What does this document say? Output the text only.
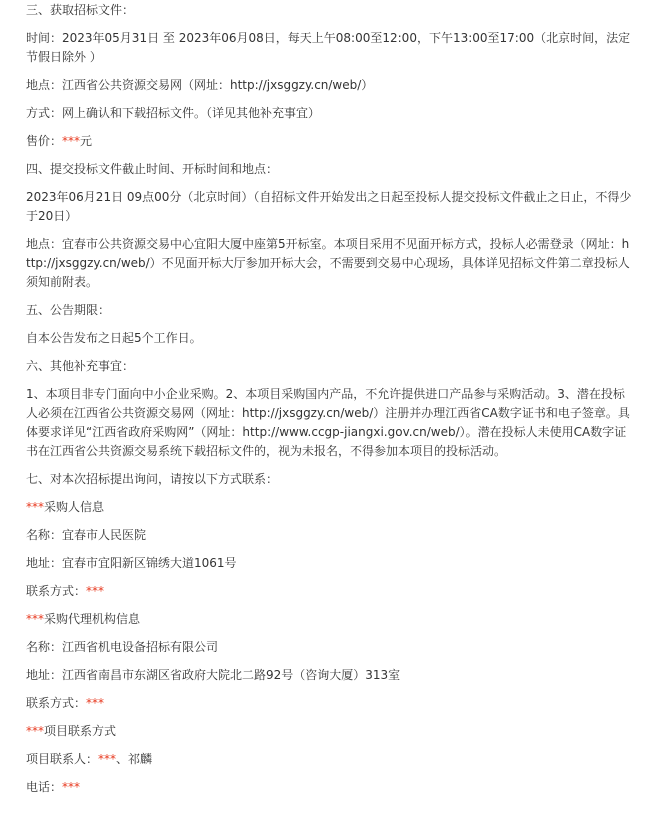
三、获取招标文件：

时间：2023年05月31日 至 2023年06月08日，每天上午08:00至12:00，下午13:00至17:00（北京时间，法定节假日除外 ）

地点：江西省公共资源交易网（网址：http://jxsggzy.cn/web/）

方式：网上确认和下载招标文件。（详见其他补充事宜）

售价：***元

四、提交投标文件截止时间、开标时间和地点：

2023年06月21日 09点00分（北京时间）（自招标文件开始发出之日起至投标人提交投标文件截止之日止，不得少于20日）

地点：宜春市公共资源交易中心宜阳大厦中座第5开标室。本项目采用不见面开标方式，投标人必需登录（网址：http://jxsggzy.cn/web/）不见面开标大厅参加开标大会，不需要到交易中心现场，具体详见招标文件第二章投标人须知前附表。

五、公告期限：

自本公告发布之日起5个工作日。

六、其他补充事宜：

1、本项目非专门面向中小企业采购。2、本项目采购国内产品，不允许提供进口产品参与采购活动。3、潜在投标人必须在江西省公共资源交易网（网址：http://jxsggzy.cn/web/）注册并办理江西省CA数字证书和电子签章。具体要求详见“江西省政府采购网”（网址：http://www.ccgp-jiangxi.gov.cn/web/）。潜在投标人未使用CA数字证书在江西省公共资源交易系统下载招标文件的，视为未报名，不得参加本项目的投标活动。

七、对本次招标提出询问，请按以下方式联系：

***采购人信息

名称：宜春市人民医院

地址：宜春市宜阳新区锦绣大道1061号

联系方式：***

***采购代理机构信息

名称：江西省机电设备招标有限公司

地址：江西省南昌市东湖区省政府大院北二路92号（咨询大厦）313室

联系方式：***

***项目联系方式

项目联系人：***、祁麟

电话：***
